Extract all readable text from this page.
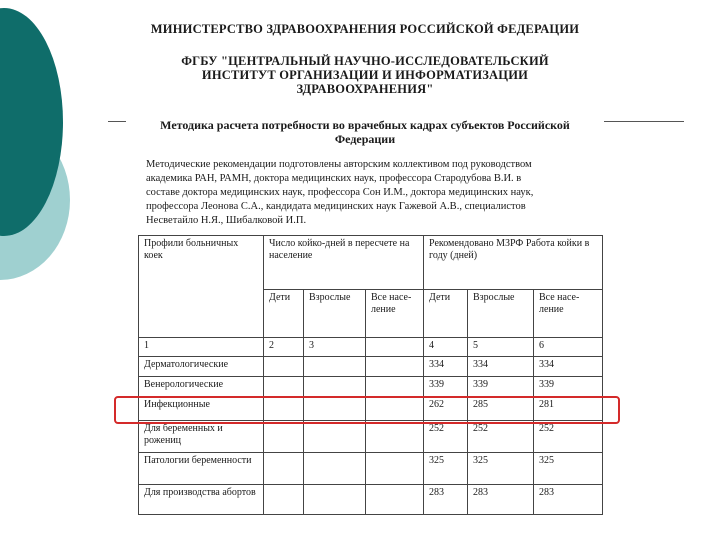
МИНИСТЕРСТВО ЗДРАВООХРАНЕНИЯ РОССИЙСКОЙ ФЕДЕРАЦИИ
ФГБУ "ЦЕНТРАЛЬНЫЙ НАУЧНО-ИССЛЕДОВАТЕЛЬСКИЙ
ИНСТИТУТ ОРГАНИЗАЦИИ И ИНФОРМАТИЗАЦИИ
ЗДРАВООХРАНЕНИЯ"
Методика расчета потребности во врачебных кадрах субъектов Российской
Федерации
Методические рекомендации подготовлены авторским коллективом под руководством
академика РАН, РАМН, доктора медицинских наук, профессора Стародубова В.И. в
составе доктора медицинских наук, профессора Сон И.М., доктора медицинских наук,
профессора Леонова С.А., кандидата медицинских наук Гажевой А.В., специалистов
Несветайло Н.Я., Шибалковой И.П.
Профили больничных коек	Число койко-дней в пересчете на население			Рекомендовано МЗРФ Работа койки в году (дней)		
	Дети	Взрослые	Все насе-ление	Дети	Взрослые	Все насе-ление
1	2	3		4	5	6
Дерматологические				334	334	334
Венерологические				339	339	339
Инфекционные				262	285	281
Для беременных и рожениц				252	252	252
Патологии беременности				325	325	325
Для производства абортов				283	283	283
